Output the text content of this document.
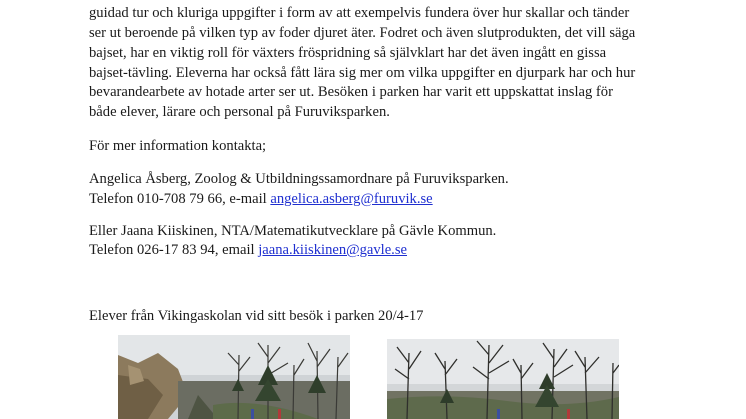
guidad tur och kluriga uppgifter i form av att exempelvis fundera över hur skallar och tänder
ser ut beroende på vilken typ av foder djuret äter. Fodret och även slutprodukten, det vill säga
bajset, har en viktig roll för växters fröspridning så självklart har det även ingått en gissa
bajset-tävling. Eleverna har också fått lära sig mer om vilka uppgifter en djurpark har och hur
bevarandearbete av hotade arter ser ut. Besöken i parken har varit ett uppskattat inslag för
både elever, lärare och personal på Furuviksparken.
För mer information kontakta;
Angelica Åsberg, Zoolog & Utbildningssamordnare på Furuviksparken.
Telefon 010-708 79 66, e-mail angelica.asberg@furuvik.se
Eller Jaana Kiiskinen, NTA/Matematikutvecklare på Gävle Kommun.
Telefon 026-17 83 94, email jaana.kiiskinen@gavle.se
Elever från Vikingaskolan vid sitt besök i parken 20/4-17
